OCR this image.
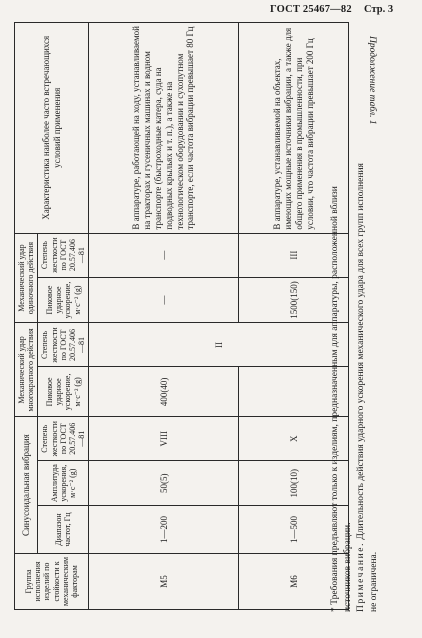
ГОСТ 25467—82 Стр. 3
Продолжение табл. 1
Группа исполнения изделий по стойкости к механическим факторам	Синусоидальная вибрация			Механический удар многократного действия		Механический удар одиночного действия		Характеристика наиболее часто встречающихся условий применения
	Диапазон частот, Гц	Амплитуда ускорения, м·с⁻² (g)	Степень жесткости по ГОСТ 20.57.406—81	Пиковое ударное ускорение, м·с⁻² (g)	Степень жесткости по ГОСТ 20.57.406—81	Пиковое ударное ускорение, м·с⁻² (g)	Степень жесткости по ГОСТ 20.57.406—81	
М5	1—200	50(5)	VIII	400(40)	II	—	—	В аппаратуре, работающей на ходу, устанавливаемой на тракторах и гусеничных машинах и водном транспорте (быстроходные катера, суда на подводных крыльях и т. п.), а также на технологическом оборудовании и сухопутном транспорте, если частота вибрации превышает 80 Гц
М6	1—500	100(10)	X			1500(150)	III	В аппаратуре, устанавливаемой на объектах, имеющих мощные источники вибрации, а также для общего применения в промышленности, при условии, что частота вибрации превышает 200 Гц
* Требования предъявляют только к изделиям, предназначенным для аппаратуры, расположенной вблизи источников вибрации. Примечание. Длительность действия ударного ускорения механического удара для всех групп исполнения
не ограничена.
